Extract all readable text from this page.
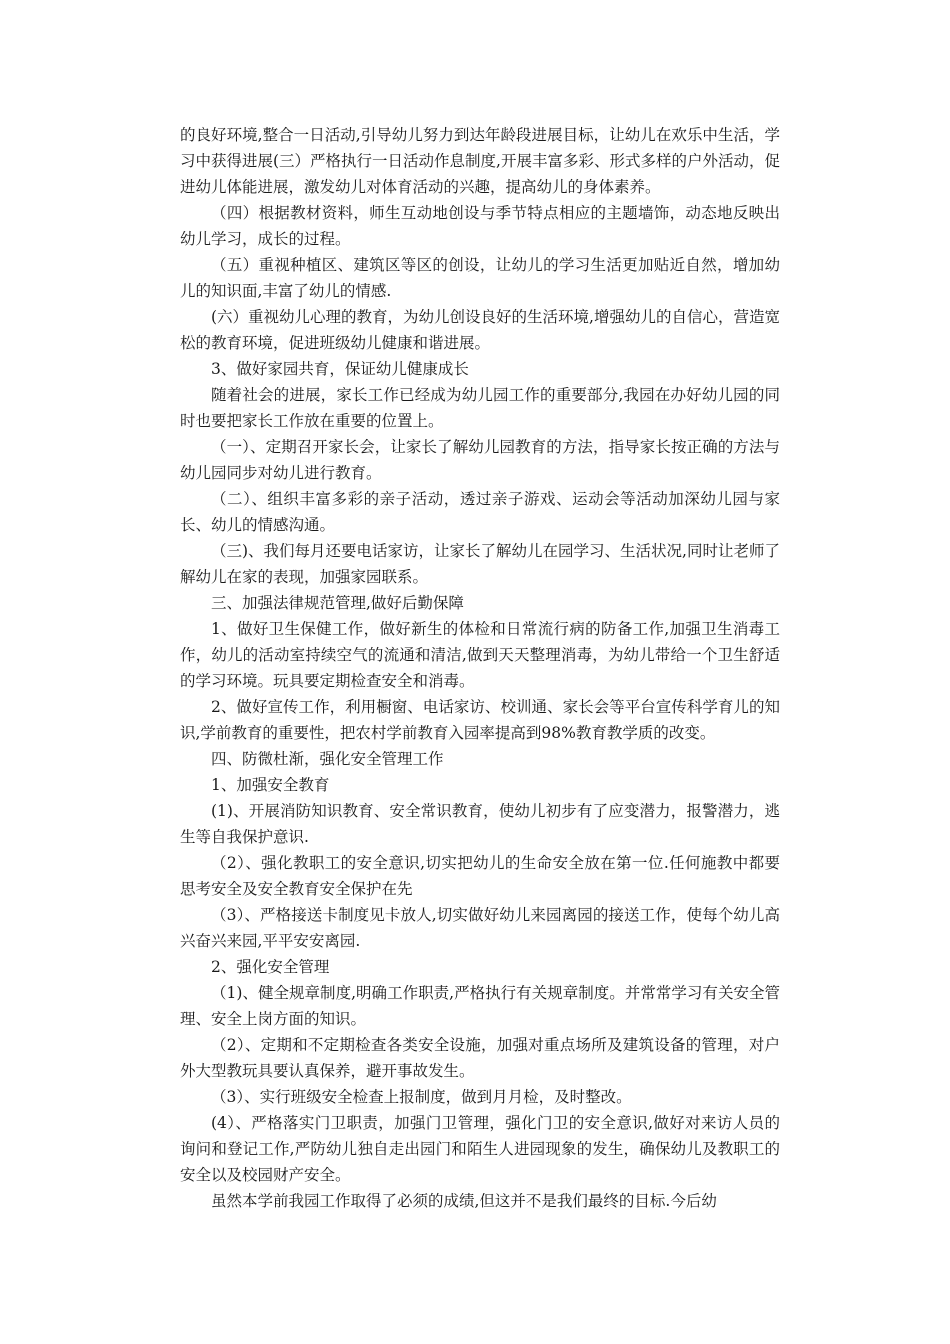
的良好环境,整合一日活动,引导幼儿努力到达年龄段进展目标，让幼儿在欢乐中生活，学习中获得进展(三）严格执行一日活动作息制度,开展丰富多彩、形式多样的户外活动，促进幼儿体能进展，激发幼儿对体育活动的兴趣，提高幼儿的身体素养。

（四）根据教材资料，师生互动地创设与季节特点相应的主题墙饰，动态地反映出幼儿学习，成长的过程。

（五）重视种植区、建筑区等区的创设，让幼儿的学习生活更加贴近自然，增加幼儿的知识面,丰富了幼儿的情感.

(六）重视幼儿心理的教育，为幼儿创设良好的生活环境,增强幼儿的自信心，营造宽松的教育环境，促进班级幼儿健康和谐进展。

3、做好家园共育，保证幼儿健康成长

随着社会的进展，家长工作已经成为幼儿园工作的重要部分,我园在办好幼儿园的同时也要把家长工作放在重要的位置上。

（一）、定期召开家长会，让家长了解幼儿园教育的方法，指导家长按正确的方法与幼儿园同步对幼儿进行教育。

（二）、组织丰富多彩的亲子活动，透过亲子游戏、运动会等活动加深幼儿园与家长、幼儿的情感沟通。

（三)、我们每月还要电话家访，让家长了解幼儿在园学习、生活状况,同时让老师了解幼儿在家的表现，加强家园联系。

三、加强法律规范管理,做好后勤保障

1、做好卫生保健工作，做好新生的体检和日常流行病的防备工作,加强卫生消毒工作，幼儿的活动室持续空气的流通和清洁,做到天天整理消毒，为幼儿带给一个卫生舒适的学习环境。玩具要定期检查安全和消毒。

2、做好宣传工作，利用橱窗、电话家访、校训通、家长会等平台宣传科学育儿的知识,学前教育的重要性，把农村学前教育入园率提高到98%教育教学质的改变。

四、防微杜渐，强化安全管理工作

1、加强安全教育

(1)、开展消防知识教育、安全常识教育，使幼儿初步有了应变潜力，报警潜力，逃生等自我保护意识.

（2）、强化教职工的安全意识,切实把幼儿的生命安全放在第一位.任何施教中都要思考安全及安全教育安全保护在先

（3）、严格接送卡制度见卡放人,切实做好幼儿来园离园的接送工作，使每个幼儿高兴奋兴来园,平平安安离园.

2、强化安全管理

（1)、健全规章制度,明确工作职责,严格执行有关规章制度。并常常学习有关安全管理、安全上岗方面的知识。

（2）、定期和不定期检查各类安全设施，加强对重点场所及建筑设备的管理，对户外大型教玩具要认真保养，避开事故发生。

（3）、实行班级安全检查上报制度，做到月月检，及时整改。

(4）、严格落实门卫职责，加强门卫管理，强化门卫的安全意识,做好对来访人员的询问和登记工作,严防幼儿独自走出园门和陌生人进园现象的发生，确保幼儿及教职工的安全以及校园财产安全。

虽然本学前我园工作取得了必须的成绩,但这并不是我们最终的目标.今后幼
